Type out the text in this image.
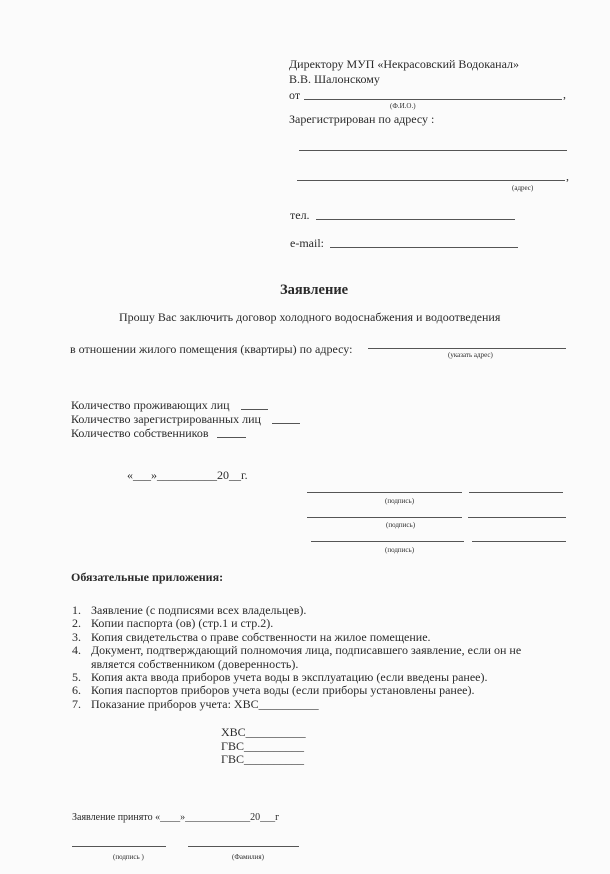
Директору МУП «Некрасовский Водоканал»
В.В. Шалонскому
от	,
(Ф.И.О.)
Зарегистрирован по адресу :
,
(адрес)
тел.
e-mail:
Заявление
Прошу Вас заключить договор холодного водоснабжения и водоотведения
в отношении жилого помещения (квартиры) по адресу:	(указать адрес)
Количество проживающих лиц
Количество зарегистрированных лиц
Количество собственников
«___»__________20__г.
(подпись)
(подпись)
(подпись)
Обязательные приложения:
1. Заявление (с подписями всех владельцев).
2. Копии паспорта (ов) (стр.1 и стр.2).
3. Копия свидетельства о праве собственности на жилое помещение.
4. Документ, подтверждающий полномочия лица, подписавшего заявление, если он не
является собственником (доверенность).
5. Копия акта ввода приборов учета воды в эксплуатацию (если введены ранее).
6. Копия паспортов приборов учета воды (если приборы установлены ранее).
7. Показание приборов учета: ХВС__________
ХВС__________
ГВС__________
ГВС__________
Заявление принято «____»_____________20___г
(подпись )	(Фамилия)
